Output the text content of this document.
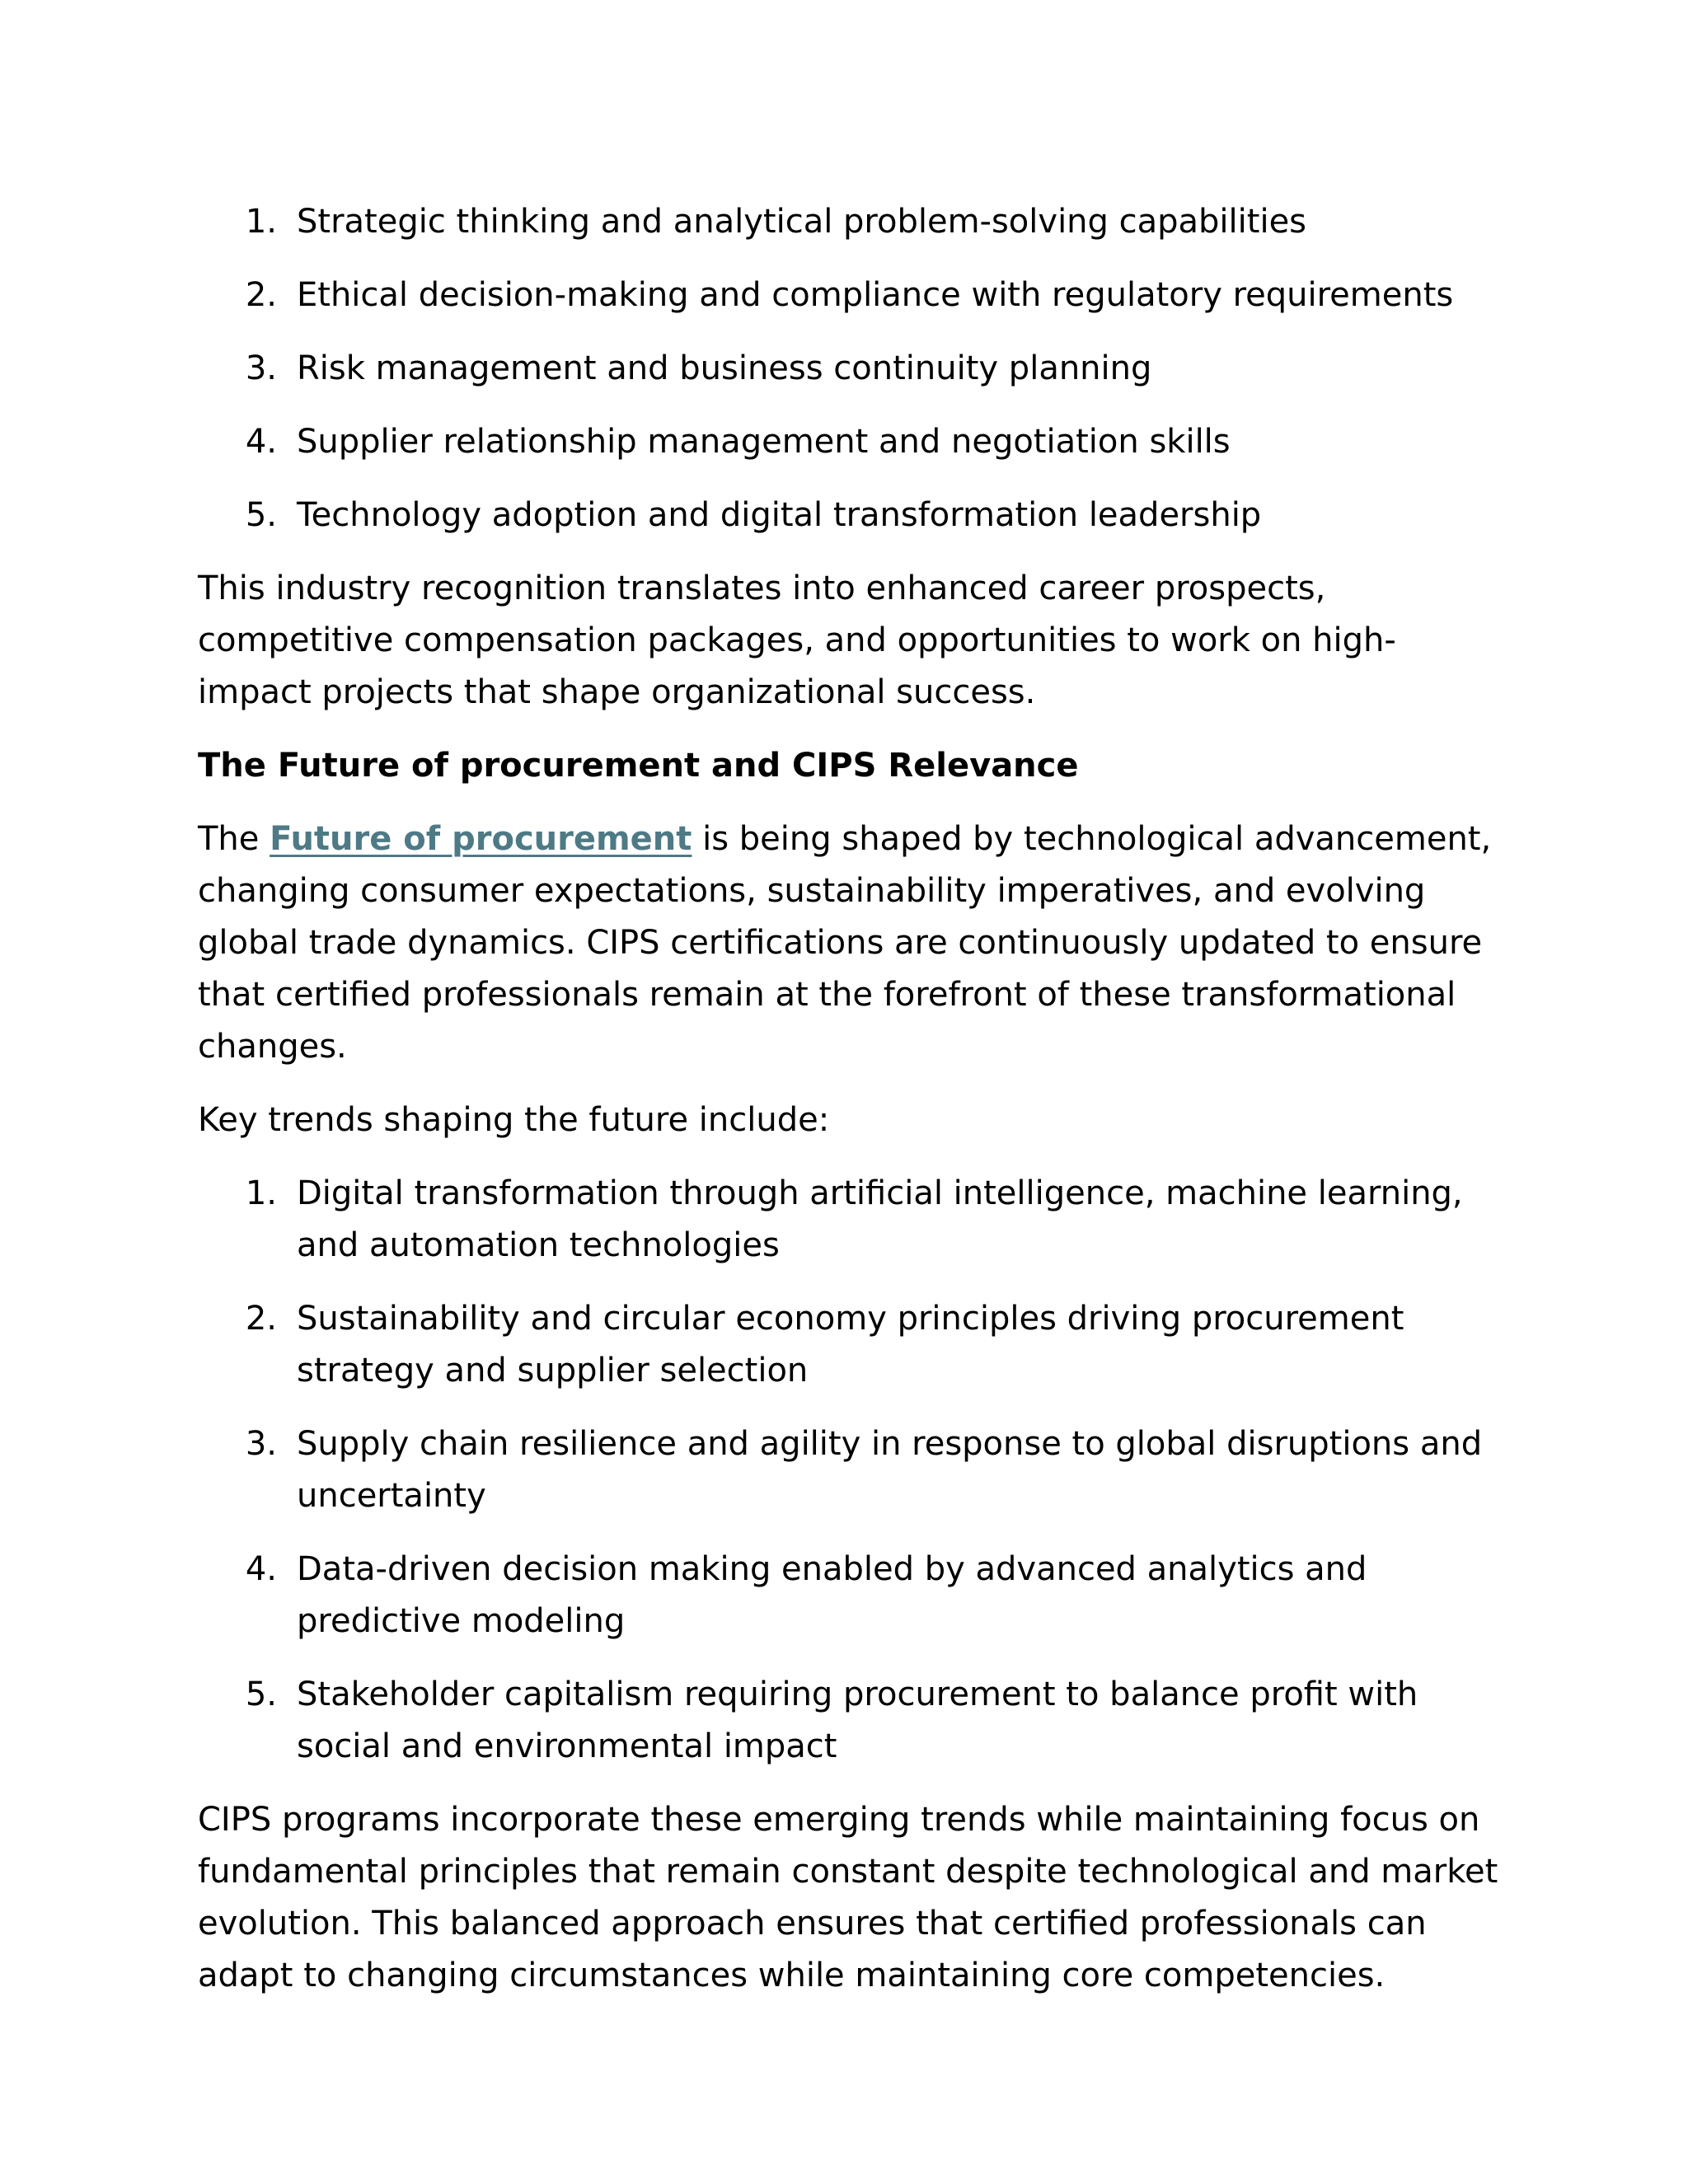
1. Strategic thinking and analytical problem-solving capabilities
2. Ethical decision-making and compliance with regulatory requirements
3. Risk management and business continuity planning
4. Supplier relationship management and negotiation skills
5. Technology adoption and digital transformation leadership

This industry recognition translates into enhanced career prospects, competitive compensation packages, and opportunities to work on high-impact projects that shape organizational success.

The Future of procurement and CIPS Relevance

The Future of procurement is being shaped by technological advancement, changing consumer expectations, sustainability imperatives, and evolving global trade dynamics. CIPS certifications are continuously updated to ensure that certified professionals remain at the forefront of these transformational changes.

Key trends shaping the future include:

1. Digital transformation through artificial intelligence, machine learning, and automation technologies
2. Sustainability and circular economy principles driving procurement strategy and supplier selection
3. Supply chain resilience and agility in response to global disruptions and uncertainty
4. Data-driven decision making enabled by advanced analytics and predictive modeling
5. Stakeholder capitalism requiring procurement to balance profit with social and environmental impact

CIPS programs incorporate these emerging trends while maintaining focus on fundamental principles that remain constant despite technological and market evolution. This balanced approach ensures that certified professionals can adapt to changing circumstances while maintaining core competencies.
